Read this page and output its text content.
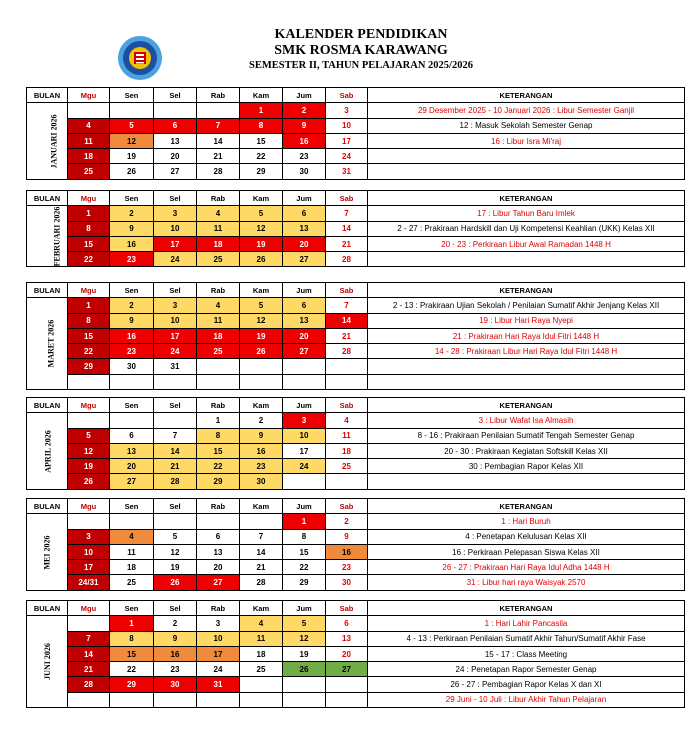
KALENDER PENDIDIKAN
SMK ROSMA KARAWANG
SEMESTER II, TAHUN PELAJARAN 2025/2026
BULAN	Mgu	Sen	Sel	Rab	Kam	Jum	Sab	KETERANGAN
JANUARI 2026					1	2	3	29 Desember 2025 - 10 Januari 2026 : Libur Semester Ganjil
	4	5	6	7	8	9	10	12 : Masuk Sekolah Semester Genap
	11	12	13	14	15	16	17	16 : Libur Isra Mi'raj
	18	19	20	21	22	23	24	
	25	26	27	28	29	30	31	
BULAN	Mgu	Sen	Sel	Rab	Kam	Jum	Sab	KETERANGAN
FEBRUARI 2026	1	2	3	4	5	6	7	17 : Libur Tahun Baru Imlek
	8	9	10	11	12	13	14	2 - 27 : Prakiraan Hardskill dan Uji Kompetensi Keahlian (UKK) Kelas XII
	15	16	17	18	19	20	21	20 - 23 : Perkiraan Libur Awal Ramadan 1448 H
	22	23	24	25	26	27	28	
BULAN	Mgu	Sen	Sel	Rab	Kam	Jum	Sab	KETERANGAN
MARET 2026	1	2	3	4	5	6	7	2 - 13 : Prakiraan Ujian Sekolah / Penilaian Sumatif Akhir Jenjang Kelas XII
	8	9	10	11	12	13	14	19 : Libur Hari Raya Nyepi
	15	16	17	18	19	20	21	21 : Prakiraan Hari Raya Idul Fitri 1448 H
	22	23	24	25	26	27	28	14 - 28 : Prakiraan Libur Hari Raya Idul Fitri 1448 H
	29	30	31					

BULAN	Mgu	Sen	Sel	Rab	Kam	Jum	Sab	KETERANGAN
APRIL 2026				1	2	3	4	3 : Libur Wafat Isa Almasih
	5	6	7	8	9	10	11	8 - 16 : Prakiraan Penilaian Sumatif Tengah Semester Genap
	12	13	14	15	16	17	18	20 - 30 : Prakiraan Kegiatan Softskill Kelas XII
	19	20	21	22	23	24	25	30 : Pembagian Rapor Kelas XII
	26	27	28	29	30			
BULAN	Mgu	Sen	Sel	Rab	Kam	Jum	Sab	KETERANGAN
MEI 2026						1	2	1 : Hari Buruh
	3	4	5	6	7	8	9	4 : Penetapan Kelulusan Kelas XII
	10	11	12	13	14	15	16	16 : Perkiraan Pelepasan Siswa Kelas XII
	17	18	19	20	21	22	23	26 - 27 : Prakiraan Hari Raya Idul Adha 1448 H
	24/31	25	26	27	28	29	30	31 : Libur hari raya Waisyak 2570
BULAN	Mgu	Sen	Sel	Rab	Kam	Jum	Sab	KETERANGAN
JUNI 2026		1	2	3	4	5	6	1 : Hari Lahir Pancasila
	7	8	9	10	11	12	13	4 - 13 : Perkiraan Penilaian Sumatif Akhir Tahun/Sumatif Akhir Fase
	14	15	16	17	18	19	20	15 - 17 : Class Meeting
	21	22	23	24	25	26	27	24 : Penetapan Rapor Semester Genap
	28	29	30	31				26 - 27 : Pembagian Rapor Kelas X dan XI
								29 Juni - 10 Juli : Libur Akhir Tahun Pelajaran
